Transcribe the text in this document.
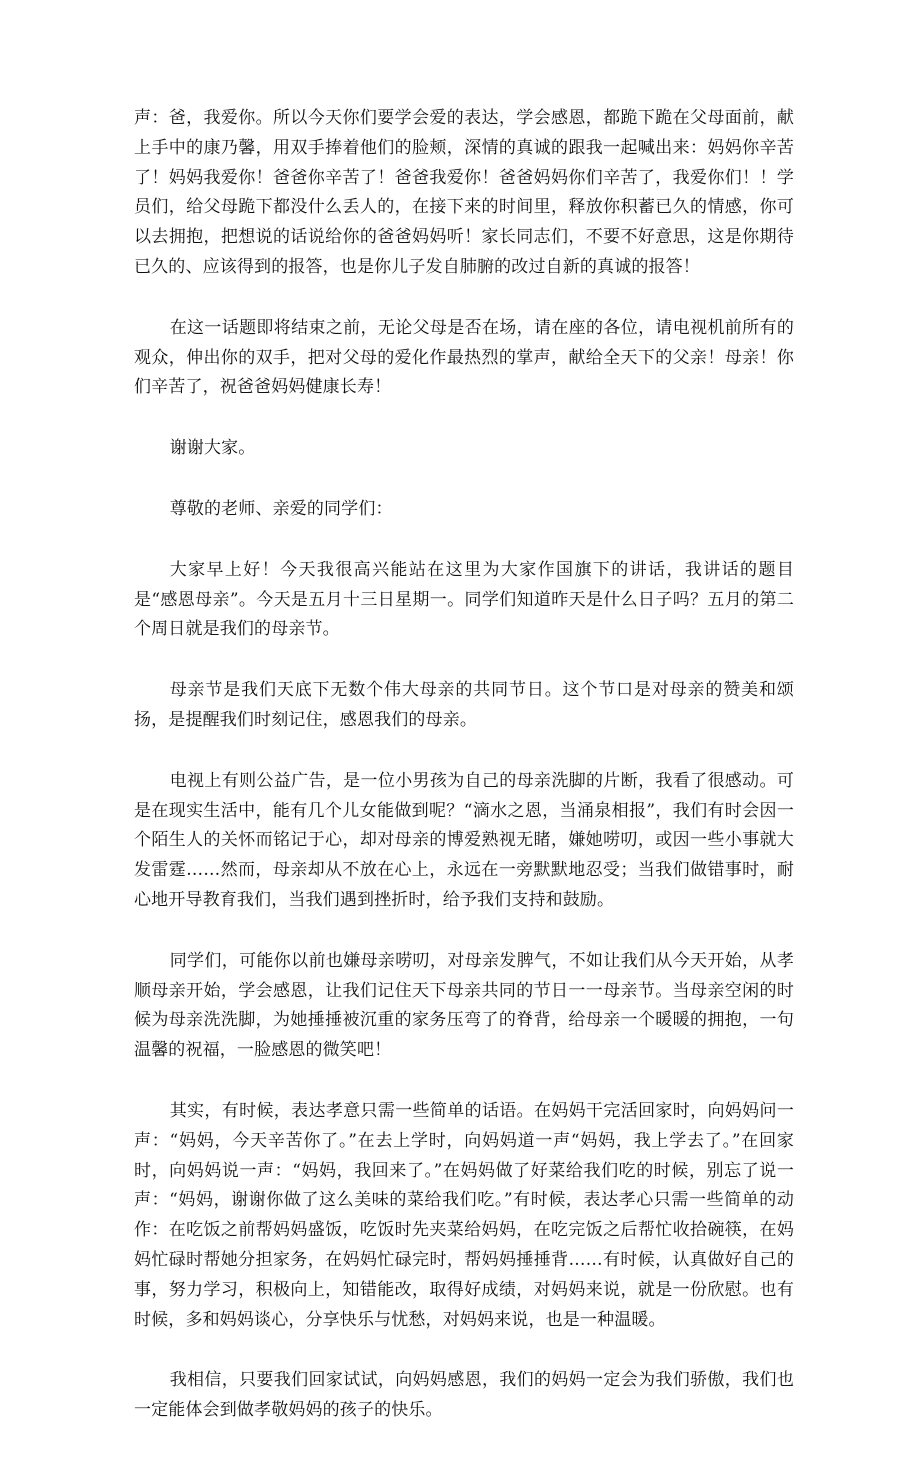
声：爸，我爱你。所以今天你们要学会爱的表达，学会感恩，都跪下跪在父母面前，献上手中的康乃馨，用双手捧着他们的脸颊，深情的真诚的跟我一起喊出来：妈妈你辛苦了！妈妈我爱你！爸爸你辛苦了！爸爸我爱你！爸爸妈妈你们辛苦了，我爱你们！！学员们，给父母跪下都没什么丢人的，在接下来的时间里，释放你积蓄已久的情感，你可以去拥抱，把想说的话说给你的爸爸妈妈听！家长同志们，不要不好意思，这是你期待已久的、应该得到的报答，也是你儿子发自肺腑的改过自新的真诚的报答！

在这一话题即将结束之前，无论父母是否在场，请在座的各位，请电视机前所有的观众，伸出你的双手，把对父母的爱化作最热烈的掌声，献给全天下的父亲！母亲！你们辛苦了，祝爸爸妈妈健康长寿！

谢谢大家。

尊敬的老师、亲爱的同学们：

大家早上好！今天我很高兴能站在这里为大家作国旗下的讲话，我讲话的题目是“感恩母亲”。今天是五月十三日星期一。同学们知道昨天是什么日子吗？五月的第二个周日就是我们的母亲节。

母亲节是我们天底下无数个伟大母亲的共同节日。这个节口是对母亲的赞美和颂扬，是提醒我们时刻记住，感恩我们的母亲。

电视上有则公益广告，是一位小男孩为自己的母亲洗脚的片断，我看了很感动。可是在现实生活中，能有几个儿女能做到呢？“滴水之恩，当涌泉相报”，我们有时会因一个陌生人的关怀而铭记于心，却对母亲的博爱熟视无睹，嫌她唠叨，或因一些小事就大发雷霆……然而，母亲却从不放在心上，永远在一旁默默地忍受；当我们做错事时，耐心地开导教育我们，当我们遇到挫折时，给予我们支持和鼓励。

同学们，可能你以前也嫌母亲唠叨，对母亲发脾气，不如让我们从今天开始，从孝顺母亲开始，学会感恩，让我们记住天下母亲共同的节日一一母亲节。当母亲空闲的时候为母亲洗洗脚，为她捶捶被沉重的家务压弯了的脊背，给母亲一个暖暖的拥抱，一句温馨的祝福，一脸感恩的微笑吧！

其实，有时候，表达孝意只需一些简单的话语。在妈妈干完活回家时，向妈妈问一声：“妈妈，今天辛苦你了。”在去上学时，向妈妈道一声“妈妈，我上学去了。”在回家时，向妈妈说一声：“妈妈，我回来了。”在妈妈做了好菜给我们吃的时候，别忘了说一声：“妈妈，谢谢你做了这么美味的菜给我们吃。”有时候，表达孝心只需一些简单的动作：在吃饭之前帮妈妈盛饭，吃饭时先夹菜给妈妈，在吃完饭之后帮忙收拾碗筷，在妈妈忙碌时帮她分担家务，在妈妈忙碌完时，帮妈妈捶捶背……有时候，认真做好自己的事，努力学习，积极向上，知错能改，取得好成绩，对妈妈来说，就是一份欣慰。也有时候，多和妈妈谈心，分享快乐与忧愁，对妈妈来说，也是一种温暖。

我相信，只要我们回家试试，向妈妈感恩，我们的妈妈一定会为我们骄傲，我们也一定能体会到做孝敬妈妈的孩子的快乐。
